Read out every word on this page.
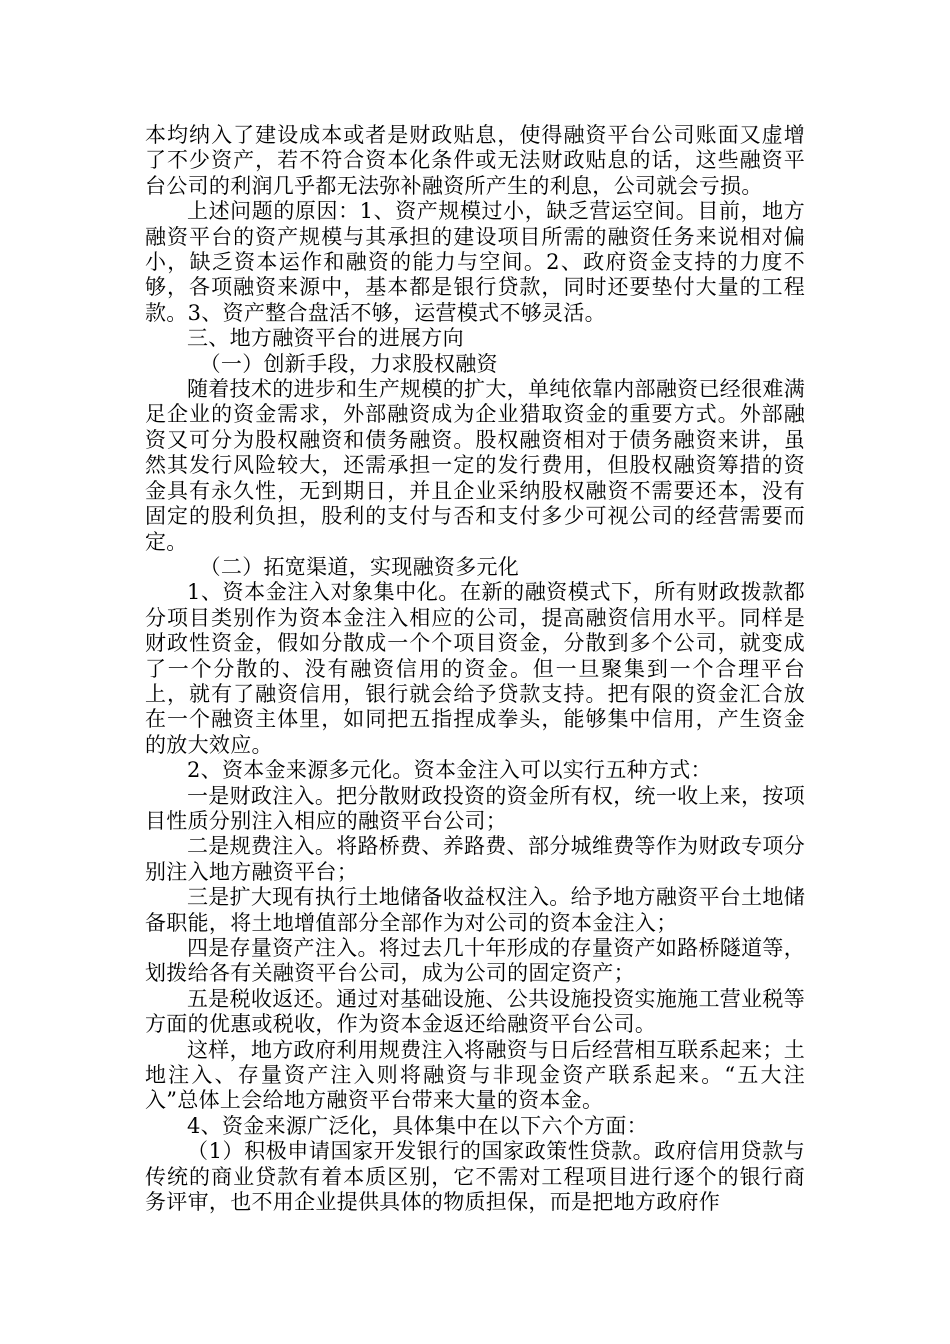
本均纳入了建设成本或者是财政贴息，使得融资平台公司账面又虚增了不少资产，若不符合资本化条件或无法财政贴息的话，这些融资平台公司的利润几乎都无法弥补融资所产生的利息，公司就会亏损。

上述问题的原因：1、资产规模过小，缺乏营运空间。目前，地方融资平台的资产规模与其承担的建设项目所需的融资任务来说相对偏小，缺乏资本运作和融资的能力与空间。2、政府资金支持的力度不够，各项融资来源中，基本都是银行贷款，同时还要垫付大量的工程款。3、资产整合盘活不够，运营模式不够灵活。

三、地方融资平台的进展方向

（一）创新手段，力求股权融资

随着技术的进步和生产规模的扩大，单纯依靠内部融资已经很难满足企业的资金需求，外部融资成为企业猎取资金的重要方式。外部融资又可分为股权融资和债务融资。股权融资相对于债务融资来讲，虽然其发行风险较大，还需承担一定的发行费用，但股权融资筹措的资金具有永久性，无到期日，并且企业采纳股权融资不需要还本，没有固定的股利负担，股利的支付与否和支付多少可视公司的经营需要而定。

（二）拓宽渠道，实现融资多元化

1、资本金注入对象集中化。在新的融资模式下，所有财政拨款都分项目类别作为资本金注入相应的公司，提高融资信用水平。同样是财政性资金，假如分散成一个个项目资金，分散到多个公司，就变成了一个分散的、没有融资信用的资金。但一旦聚集到一个合理平台上，就有了融资信用，银行就会给予贷款支持。把有限的资金汇合放在一个融资主体里，如同把五指捏成拳头，能够集中信用，产生资金的放大效应。

2、资本金来源多元化。资本金注入可以实行五种方式：

一是财政注入。把分散财政投资的资金所有权，统一收上来，按项目性质分别注入相应的融资平台公司；

二是规费注入。将路桥费、养路费、部分城维费等作为财政专项分别注入地方融资平台；

三是扩大现有执行土地储备收益权注入。给予地方融资平台土地储备职能，将土地增值部分全部作为对公司的资本金注入；

四是存量资产注入。将过去几十年形成的存量资产如路桥隧道等，划拨给各有关融资平台公司，成为公司的固定资产；

五是税收返还。通过对基础设施、公共设施投资实施施工营业税等方面的优惠或税收，作为资本金返还给融资平台公司。

这样，地方政府利用规费注入将融资与日后经营相互联系起来；土地注入、存量资产注入则将融资与非现金资产联系起来。“五大注入”总体上会给地方融资平台带来大量的资本金。

4、资金来源广泛化，具体集中在以下六个方面：

（1）积极申请国家开发银行的国家政策性贷款。政府信用贷款与传统的商业贷款有着本质区别，它不需对工程项目进行逐个的银行商务评审，也不用企业提供具体的物质担保，而是把地方政府作
